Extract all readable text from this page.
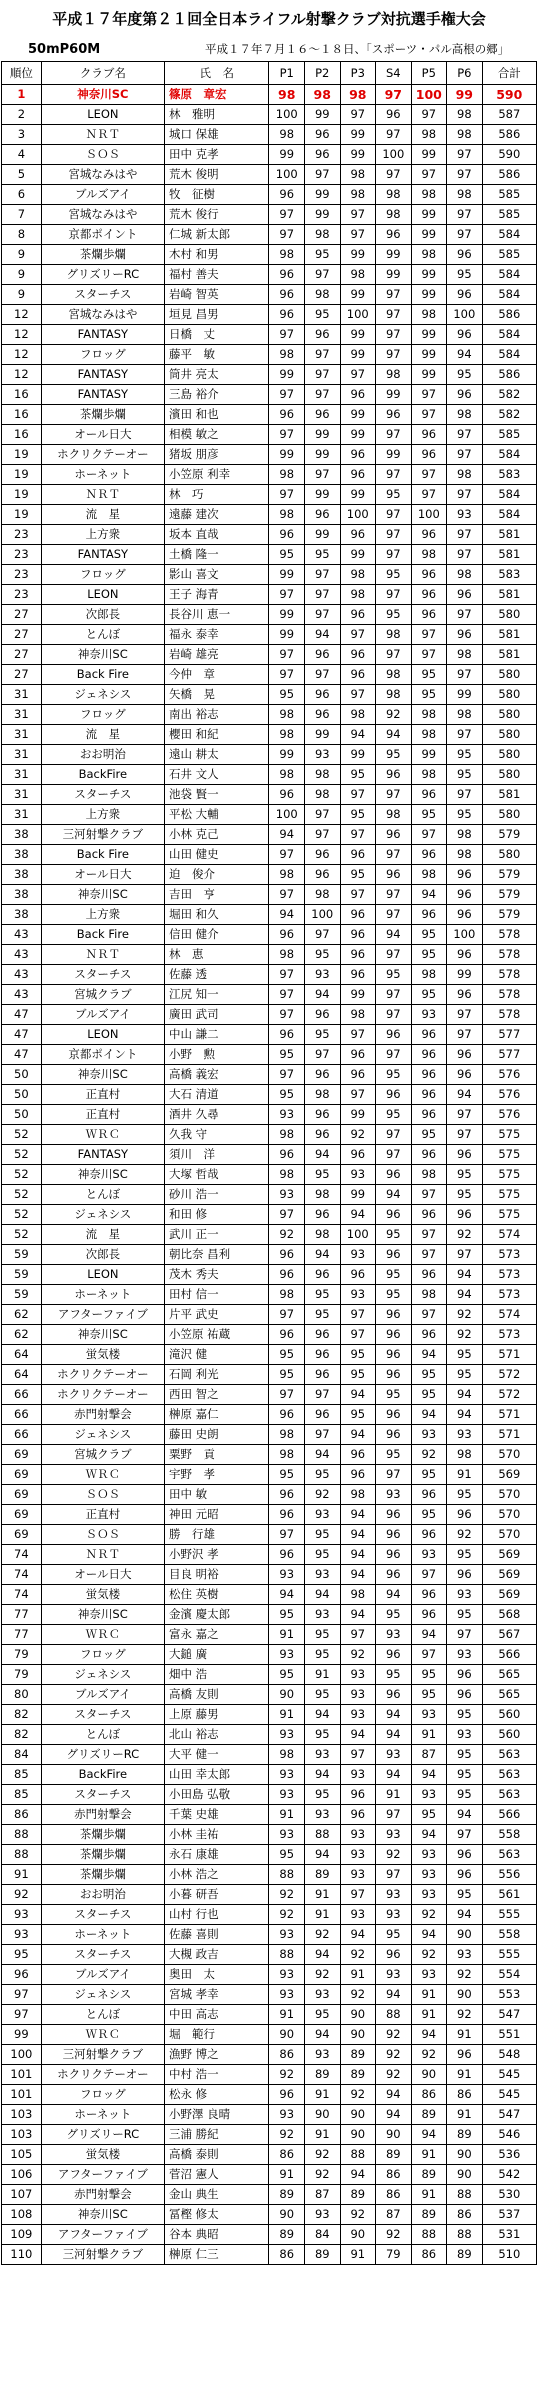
平成１７年度第２１回全日本ライフル射撃クラブ対抗選手権大会
50mP60M	平成１７年７月１６～１８日、「スポーツ・パル高根の郷」
順位	クラブ名	氏　名	P1	P2	P3	S4	P5	P6	合計
1	神奈川SC	篠原　章宏	98	98	98	97	100	99	590
2	LEON	林　雅明	100	99	97	96	97	98	587
3	ＮＲＴ	城口 保雄	98	96	99	97	98	98	586
4	ＳＯＳ	田中 克孝	99	96	99	100	99	97	590
5	宮城なみはや	荒木 俊明	100	97	98	97	97	97	586
6	ブルズアイ	牧　征樹	96	99	98	98	98	98	585
7	宮城なみはや	荒木 俊行	97	99	97	98	99	97	585
8	京都ポイント	仁城 新太郎	97	98	97	96	99	97	584
9	茶爛歩爛	木村 和男	98	95	99	99	98	96	585
9	グリズリーRC	福村 善夫	96	97	98	99	99	95	584
9	スターチス	岩崎 智英	96	98	99	97	99	96	584
12	宮城なみはや	垣見 昌男	96	95	100	97	98	100	586
12	FANTASY	日橋　丈	97	96	99	97	99	96	584
12	フロッグ	藤平　敏	98	97	99	97	99	94	584
12	FANTASY	筒井 亮太	99	97	97	98	99	95	586
16	FANTASY	三島 裕介	97	97	96	99	97	96	582
16	茶爛歩爛	濱田 和也	96	96	99	96	97	98	582
16	オール日大	相模 敏之	97	99	99	97	96	97	585
19	ホクリクテーオー	猪坂 朋彦	99	99	96	99	96	97	584
19	ホーネット	小笠原 利幸	98	97	96	97	97	98	583
19	ＮＲＴ	林　巧	97	99	99	95	97	97	584
19	流　星	遠藤 建次	98	96	100	97	100	93	584
23	上方衆	坂本 直哉	96	99	96	97	96	97	581
23	FANTASY	土橋 隆一	95	95	99	97	98	97	581
23	フロッグ	影山 喜文	99	97	98	95	96	98	583
23	LEON	王子 海青	97	97	98	97	96	96	581
27	次郎長	長谷川 恵一	99	97	96	95	96	97	580
27	とんぼ	福永 泰幸	99	94	97	98	97	96	581
27	神奈川SC	岩崎 雄亮	97	96	96	97	97	98	581
27	Back Fire	今仲　章	97	97	96	98	95	97	580
31	ジェネシス	矢橋　晃	95	96	97	98	95	99	580
31	フロッグ	南出 裕志	98	96	98	92	98	98	580
31	流　星	櫻田 和紀	98	99	94	94	98	97	580
31	おお明治	遠山 耕太	99	93	99	95	99	95	580
31	BackFire	石井 文人	98	98	95	96	98	95	580
31	スターチス	池袋 賢一	96	98	97	97	96	97	581
31	上方衆	平松 大輔	100	97	95	98	95	95	580
38	三河射撃クラブ	小林 克己	94	97	97	96	97	98	579
38	Back Fire	山田 健史	97	96	96	97	96	98	580
38	オール日大	迫　俊介	98	96	95	96	98	96	579
38	神奈川SC	吉田　亨	97	98	97	97	94	96	579
38	上方衆	堀田 和久	94	100	96	97	96	96	579
43	Back Fire	信田 健介	96	97	96	94	95	100	578
43	ＮＲＴ	林　恵	98	95	96	97	95	96	578
43	スターチス	佐藤 透	97	93	96	95	98	99	578
43	宮城クラブ	江尻 知一	97	94	99	97	95	96	578
47	ブルズアイ	廣田 武司	97	96	98	97	93	97	578
47	LEON	中山 謙二	96	95	97	96	96	97	577
47	京都ポイント	小野　勲	95	97	96	97	96	96	577
50	神奈川SC	高橋 義宏	97	96	96	95	96	96	576
50	正直村	大石 清道	95	98	97	96	96	94	576
50	正直村	酒井 久尋	93	96	99	95	96	97	576
52	ＷＲＣ	久我 守	98	96	92	97	95	97	575
52	FANTASY	須川　洋	96	94	96	97	96	96	575
52	神奈川SC	大塚 哲哉	98	95	93	96	98	95	575
52	とんぼ	砂川 浩一	93	98	99	94	97	95	575
52	ジェネシス	和田 修	97	96	94	96	96	96	575
52	流　星	武川 正一	92	98	100	95	97	92	574
59	次郎長	朝比奈 昌利	96	94	93	96	97	97	573
59	LEON	茂木 秀夫	96	96	96	95	96	94	573
59	ホーネット	田村 信一	98	95	93	95	98	94	573
62	アフターファイブ	片平 武史	97	95	97	96	97	92	574
62	神奈川SC	小笠原 祐蔵	96	96	97	96	96	92	573
64	蛍気楼	滝沢 健	95	96	95	96	94	95	571
64	ホクリクテーオー	石岡 利光	95	96	95	96	95	95	572
66	ホクリクテーオー	西田 智之	97	97	94	95	95	94	572
66	赤門射撃会	榊原 嘉仁	96	96	95	96	94	94	571
66	ジェネシス	藤田 史朗	98	97	94	96	93	93	571
69	宮城クラブ	粟野　貢	98	94	96	95	92	98	570
69	ＷＲＣ	宇野　孝	95	95	96	97	95	91	569
69	ＳＯＳ	田中 敏	96	92	98	93	96	95	570
69	正直村	神田 元昭	96	93	94	96	95	96	570
69	ＳＯＳ	勝　行雄	97	95	94	96	96	92	570
74	ＮＲＴ	小野沢 孝	96	95	94	96	93	95	569
74	オール日大	目良 明裕	93	93	94	96	97	96	569
74	蛍気楼	松住 英樹	94	94	98	94	96	93	569
77	神奈川SC	金濱 慶太郎	95	93	94	95	96	95	568
77	ＷＲＣ	富永 嘉之	91	95	97	93	94	97	567
79	フロッグ	大鎚 廣	93	95	92	96	97	93	566
79	ジェネシス	畑中 浩	95	91	93	95	95	96	565
80	ブルズアイ	高橋 友則	90	95	93	96	95	96	565
82	スターチス	上原 藤男	91	94	93	94	93	95	560
82	とんぼ	北山 裕志	93	95	94	94	91	93	560
84	グリズリーRC	大平 健一	98	93	97	93	87	95	563
85	BackFire	山田 幸太郎	93	94	93	94	94	95	563
85	スターチス	小田島 弘敬	93	95	96	91	93	95	563
86	赤門射撃会	千葉 史雄	91	93	96	97	95	94	566
88	茶爛歩爛	小林 圭祐	93	88	93	93	94	97	558
88	茶爛歩爛	永石 康雄	95	94	93	92	93	96	563
91	茶爛歩爛	小林 浩之	88	89	93	97	93	96	556
92	おお明治	小暮 研吾	92	91	97	93	93	95	561
93	スターチス	山村 行也	92	91	93	93	92	94	555
93	ホーネット	佐藤 喜則	93	92	94	95	94	90	558
95	スターチス	大槻 政吉	88	94	92	96	92	93	555
96	ブルズアイ	奥田　太	93	92	91	93	93	92	554
97	ジェネシス	宮城 孝幸	93	93	92	94	91	90	553
97	とんぼ	中田 高志	91	95	90	88	91	92	547
99	ＷＲＣ	堀　範行	90	94	90	92	94	91	551
100	三河射撃クラブ	漁野 博之	86	93	89	92	92	96	548
101	ホクリクテーオー	中村 浩一	92	89	89	92	90	91	545
101	フロッグ	松永 修	96	91	92	94	86	86	545
103	ホーネット	小野澤 良晴	93	90	90	94	89	91	547
103	グリズリーRC	三浦 勝紀	92	91	90	90	94	89	546
105	蛍気楼	高橋 泰則	86	92	88	89	91	90	536
106	アフターファイブ	菅沼 憲人	91	92	94	86	89	90	542
107	赤門射撃会	金山 典生	89	87	89	86	91	88	530
108	神奈川SC	冨樫 修太	90	93	92	87	89	86	537
109	アフターファイブ	谷本 典昭	89	84	90	92	88	88	531
110	三河射撃クラブ	榊原 仁三	86	89	91	79	86	89	510
